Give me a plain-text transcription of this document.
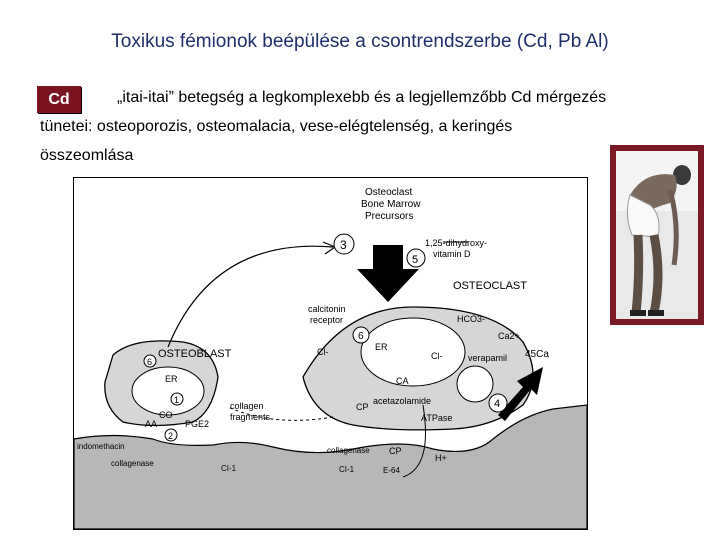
Toxikus fémionok beépülése a csontrendszerbe (Cd, Pb Al)
Cd	„itai-itai” betegség a legkomplexebb és a legjellemzőbb Cd mérgezés
tünetei: osteoporozis, osteomalacia, vese-elégtelenség, a keringés
összeomlása
3
5
6
6
1
2
4
Osteoclast
Bone Marrow
Precursors
1,25-dihydroxy-
vitamin D
OSTEOCLAST
OSTEOBLAST
calcitonin
receptor	HCO3-
Ca2+
verapamil 45Ca
ER
ER
Cl-	Cl-
CA
acetazolamide
ATPase
collagen
fragments
CP
CO
AA	PGE2
indomethacin
collagenase
collagenase
CI-1	CI-1
CP
E-64
H+
